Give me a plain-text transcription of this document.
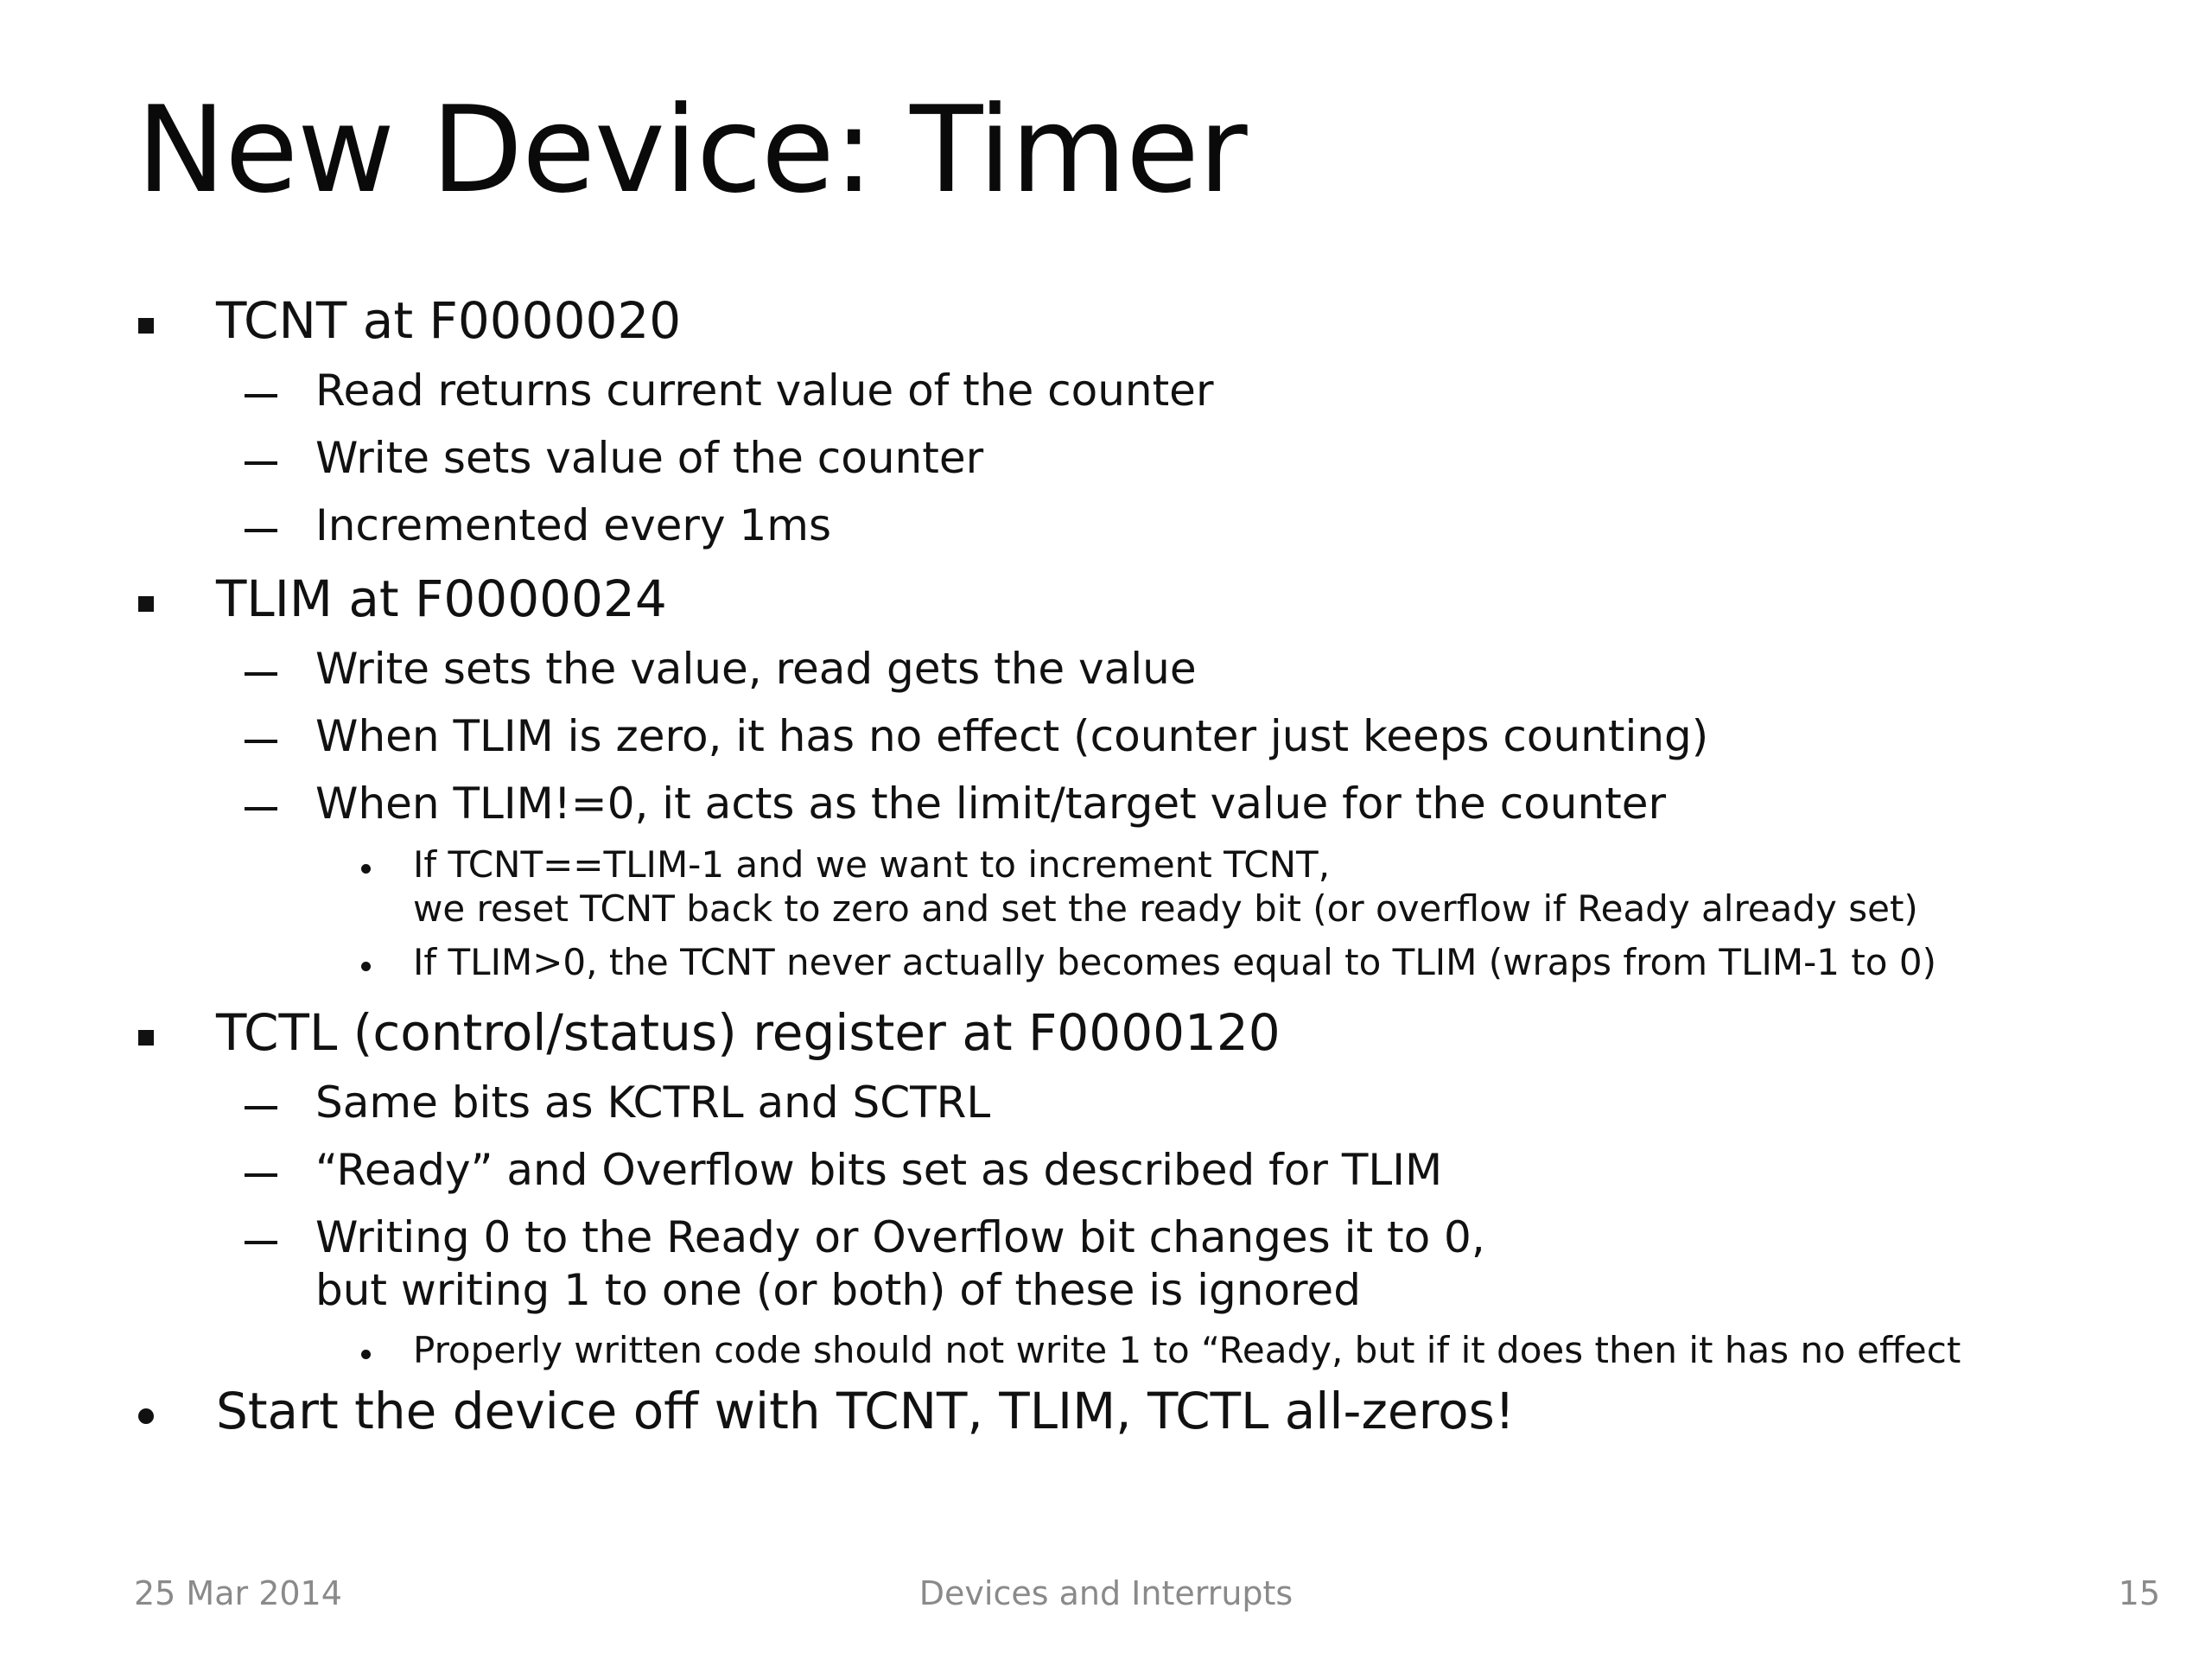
New Device: Timer
TCNT at F0000020
Read returns current value of the counter
Write sets value of the counter
Incremented every 1ms
TLIM at F0000024
Write sets the value, read gets the value
When TLIM is zero, it has no effect (counter just keeps counting)
When TLIM!=0, it acts as the limit/target value for the counter
If TCNT==TLIM-1 and we want to increment TCNT,
we reset TCNT back to zero and set the ready bit (or overflow if Ready already set)
If TLIM>0, the TCNT never actually becomes equal to TLIM (wraps from TLIM-1 to 0)
TCTL (control/status) register at F0000120
Same bits as KCTRL and SCTRL
“Ready” and Overflow bits set as described for TLIM
Writing 0 to the Ready or Overflow bit changes it to 0,
but writing 1 to one (or both) of these is ignored
Properly written code should not write 1 to “Ready, but if it does then it has no effect
Start the device off with TCNT, TLIM, TCTL all-zeros!
25 Mar 2014	Devices and Interrupts	15
